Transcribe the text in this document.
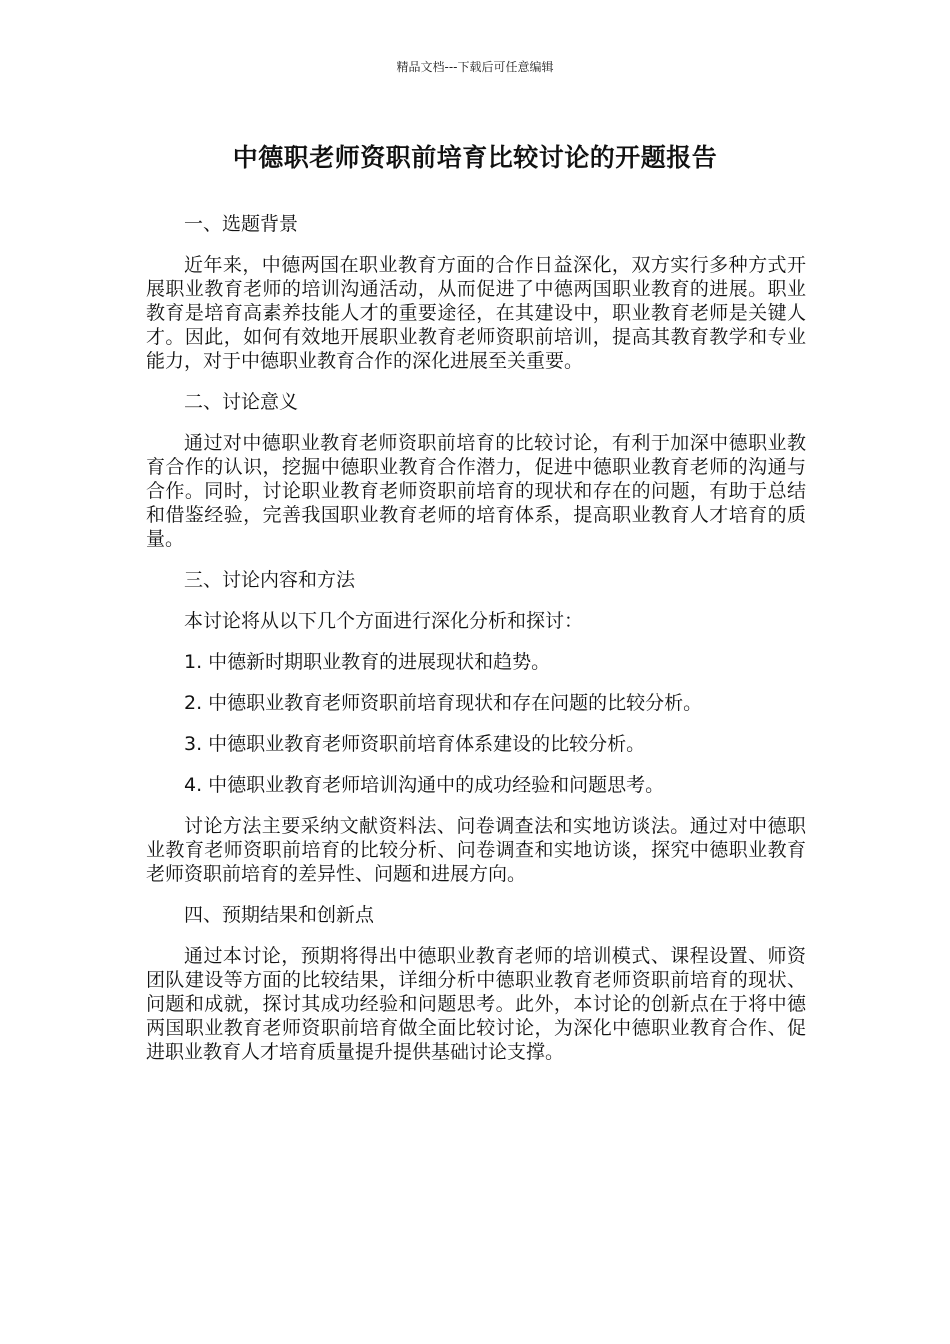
精品文档---下载后可任意编辑
中德职老师资职前培育比较讨论的开题报告

一、选题背景

近年来，中德两国在职业教育方面的合作日益深化，双方实行多种方式开展职业教育老师的培训沟通活动，从而促进了中德两国职业教育的进展。职业教育是培育高素养技能人才的重要途径，在其建设中，职业教育老师是关键人才。因此，如何有效地开展职业教育老师资职前培训，提高其教育教学和专业能力，对于中德职业教育合作的深化进展至关重要。

二、讨论意义

通过对中德职业教育老师资职前培育的比较讨论，有利于加深中德职业教育合作的认识，挖掘中德职业教育合作潜力，促进中德职业教育老师的沟通与合作。同时，讨论职业教育老师资职前培育的现状和存在的问题，有助于总结和借鉴经验，完善我国职业教育老师的培育体系，提高职业教育人才培育的质量。

三、讨论内容和方法

本讨论将从以下几个方面进行深化分析和探讨：

1. 中德新时期职业教育的进展现状和趋势。

2. 中德职业教育老师资职前培育现状和存在问题的比较分析。

3. 中德职业教育老师资职前培育体系建设的比较分析。

4. 中德职业教育老师培训沟通中的成功经验和问题思考。

讨论方法主要采纳文献资料法、问卷调查法和实地访谈法。通过对中德职业教育老师资职前培育的比较分析、问卷调查和实地访谈，探究中德职业教育老师资职前培育的差异性、问题和进展方向。

四、预期结果和创新点

通过本讨论，预期将得出中德职业教育老师的培训模式、课程设置、师资团队建设等方面的比较结果，详细分析中德职业教育老师资职前培育的现状、问题和成就，探讨其成功经验和问题思考。此外，本讨论的创新点在于将中德两国职业教育老师资职前培育做全面比较讨论，为深化中德职业教育合作、促进职业教育人才培育质量提升提供基础讨论支撑。
